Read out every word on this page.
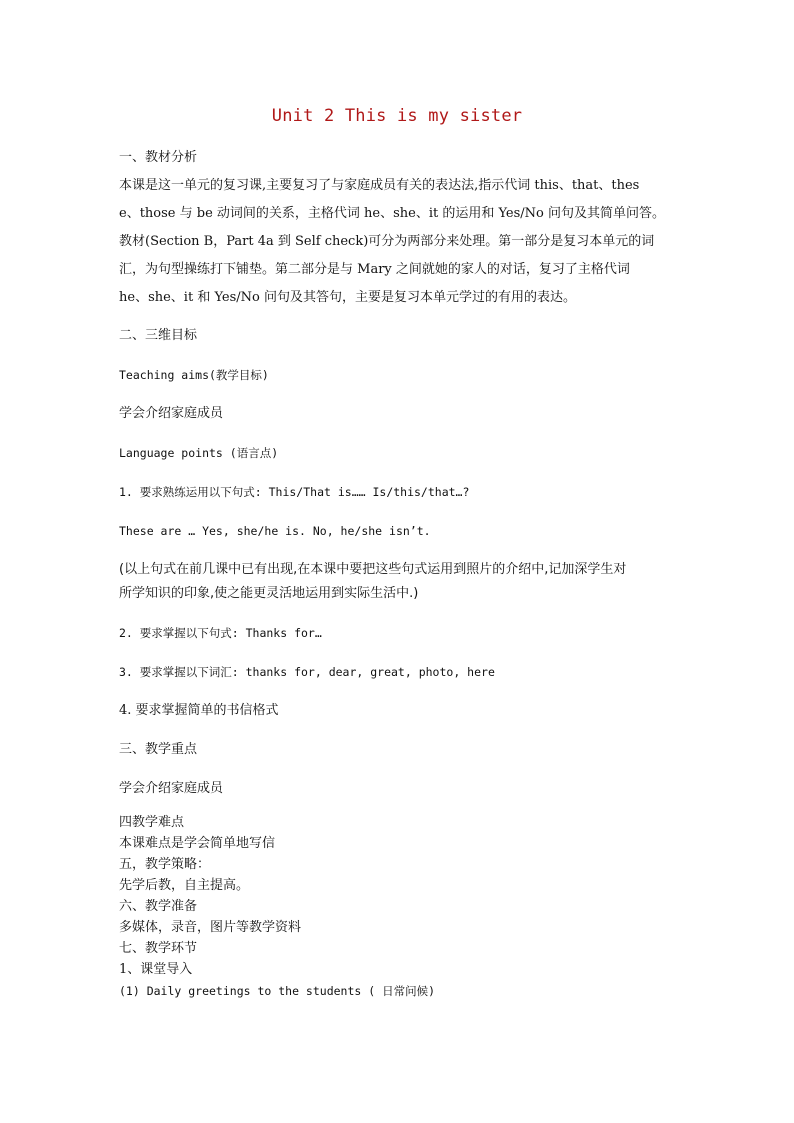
Unit 2 This is my sister
一、教材分析
本课是这一单元的复习课,主要复习了与家庭成员有关的表达法,指示代词 this、that、thes
e、those 与 be 动词间的关系，主格代词 he、she、it 的运用和 Yes/No 问句及其简单问答。
教材(Section B，Part 4a 到 Self check)可分为两部分来处理。第一部分是复习本单元的词
汇，为句型操练打下铺垫。第二部分是与 Mary 之间就她的家人的对话，复习了主格代词
he、she、it 和 Yes/No 问句及其答句，主要是复习本单元学过的有用的表达。
二、三维目标
Teaching aims(教学目标)
学会介绍家庭成员
Language points (语言点)
1. 要求熟练运用以下句式: This/That is…… Is/this/that…?
These are … Yes, she/he is. No, he/she isn’t.
(以上句式在前几课中已有出现,在本课中要把这些句式运用到照片的介绍中,记加深学生对
所学知识的印象,使之能更灵活地运用到实际生活中.)
2. 要求掌握以下句式: Thanks for…
3. 要求掌握以下词汇: thanks for, dear, great, photo, here
4. 要求掌握简单的书信格式
三、教学重点
学会介绍家庭成员
四教学难点
本课难点是学会简单地写信
五，教学策略：
先学后教，自主提高。
六、教学准备
多媒体，录音，图片等教学资料
七、教学环节
1、课堂导入
(1) Daily greetings to the students ( 日常问候)
